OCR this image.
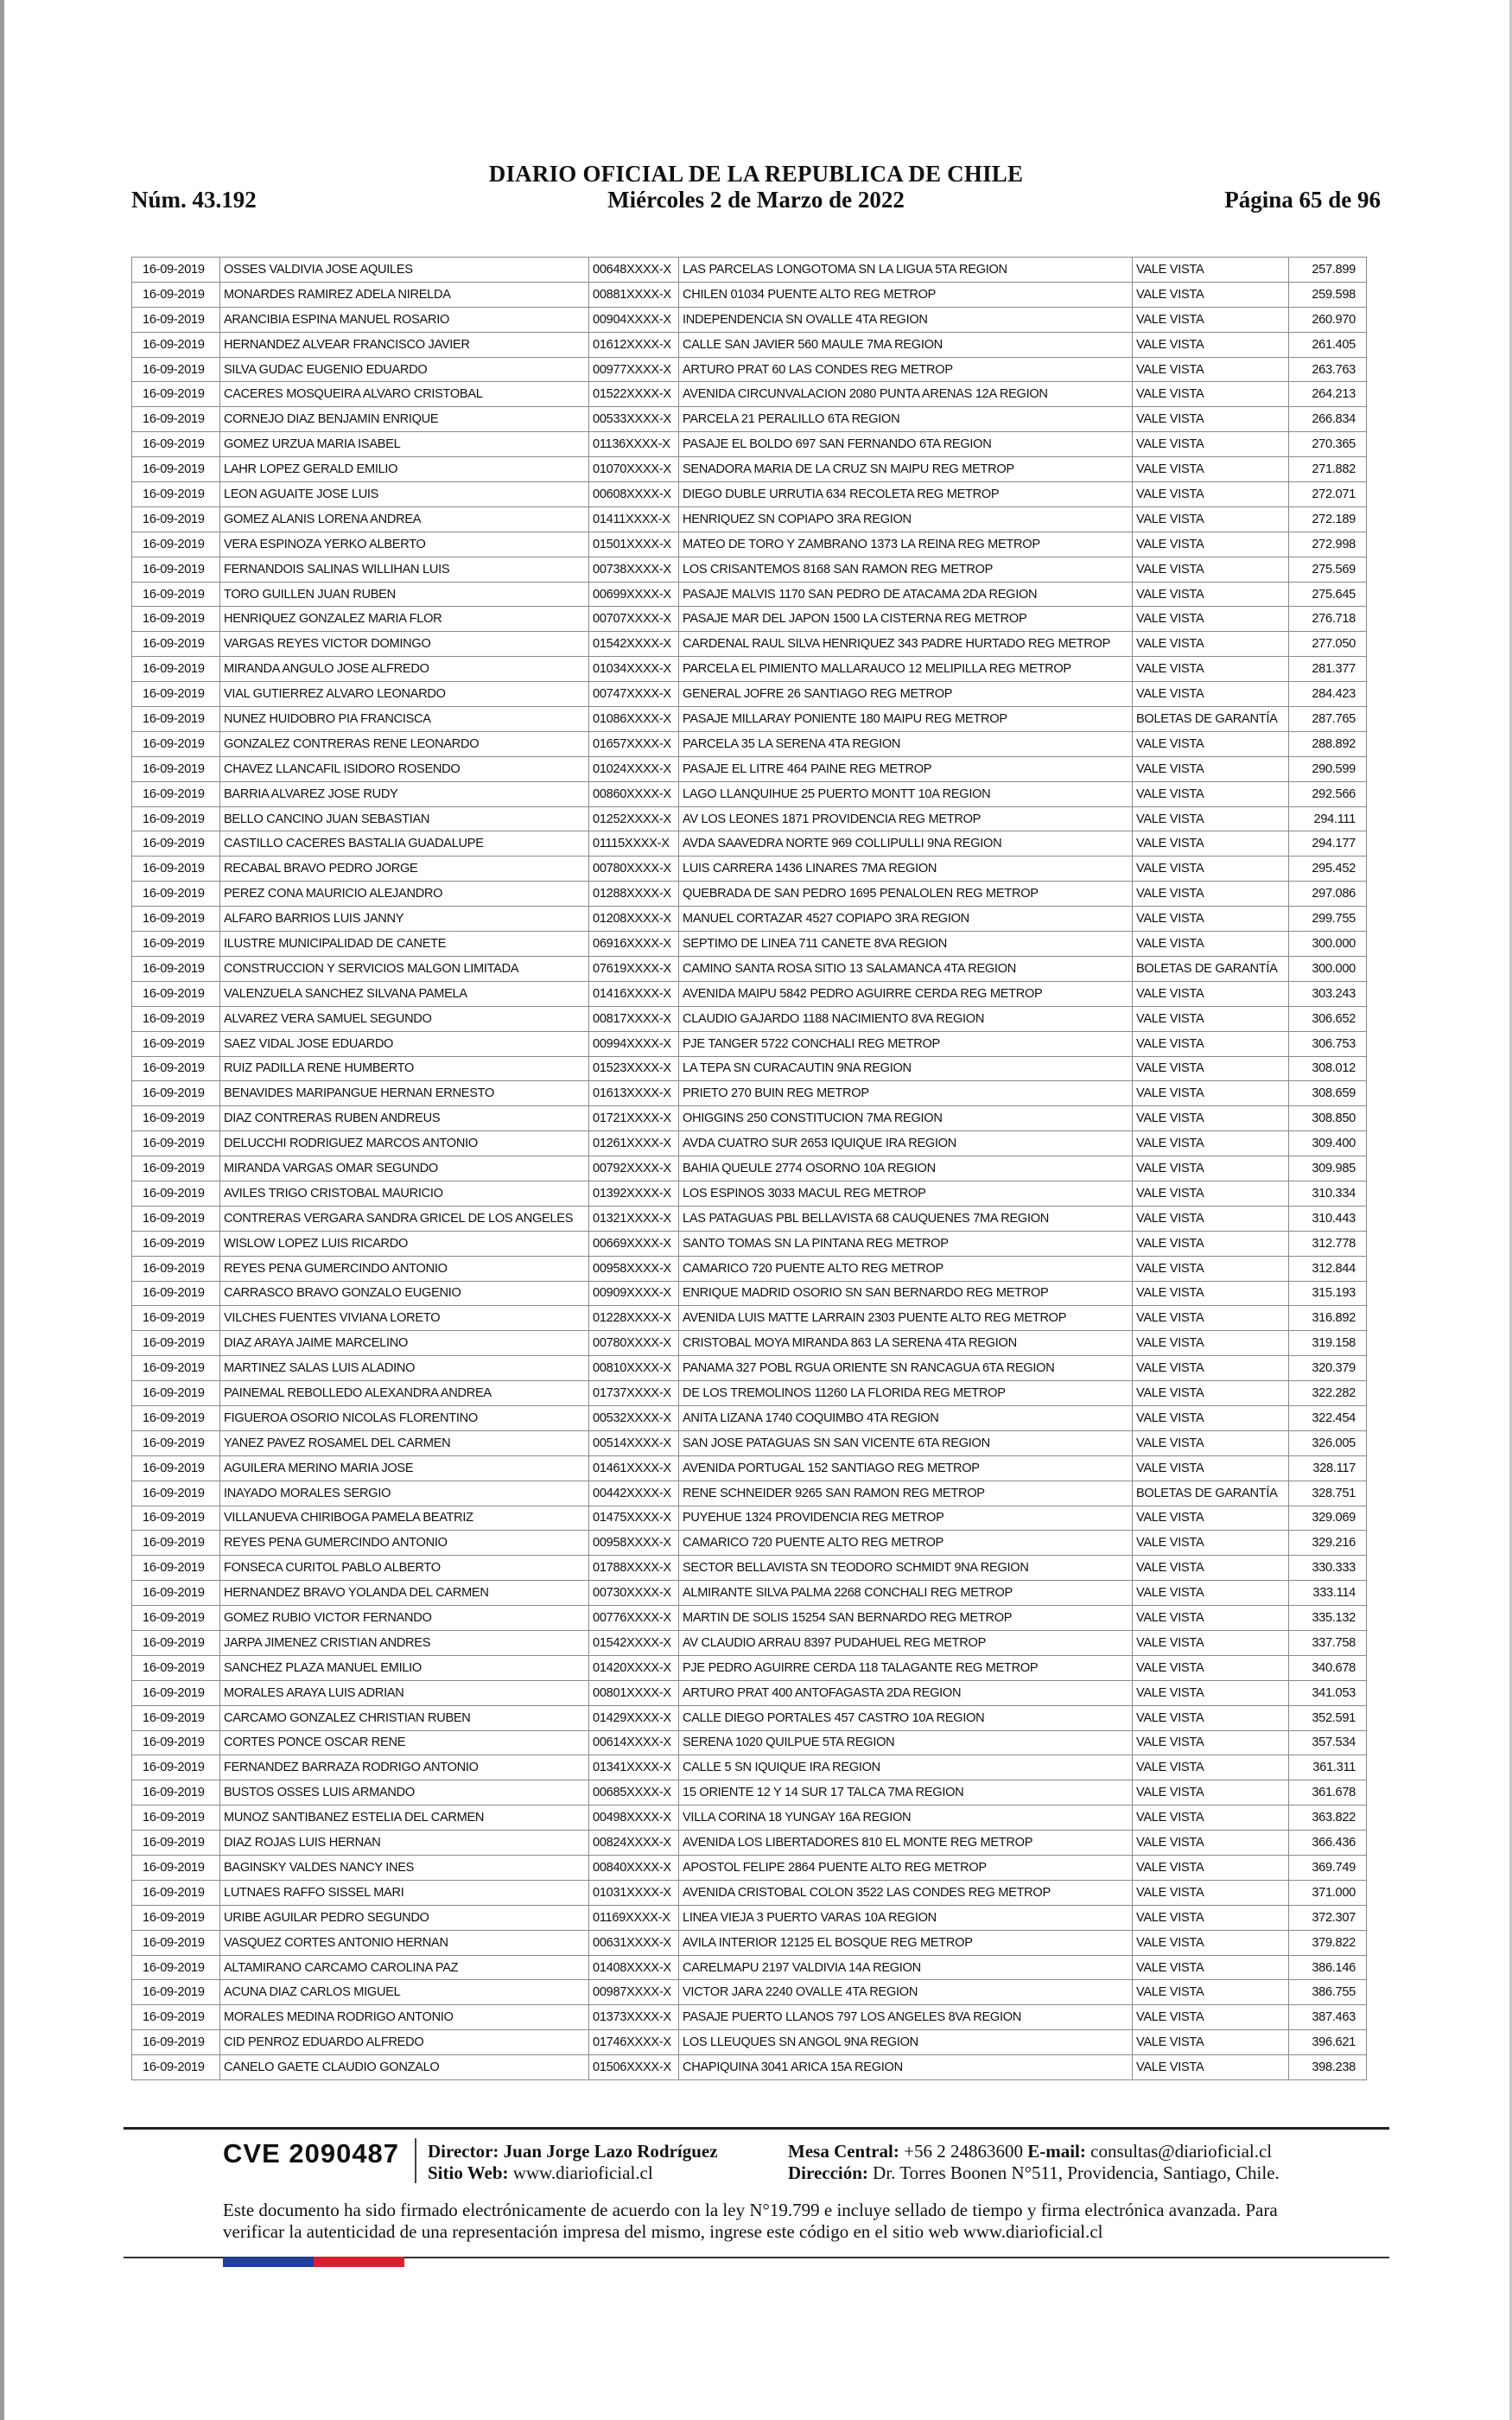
DIARIO OFICIAL DE LA REPUBLICA DE CHILE
Miércoles 2 de Marzo de 2022
Núm. 43.192	Página 65 de 96
16-09-2019	OSSES VALDIVIA JOSE AQUILES	00648XXXX-X	LAS PARCELAS LONGOTOMA SN LA LIGUA 5TA REGION	VALE VISTA	257.899
16-09-2019	MONARDES RAMIREZ ADELA NIRELDA	00881XXXX-X	CHILEN 01034 PUENTE ALTO REG METROP	VALE VISTA	259.598
16-09-2019	ARANCIBIA ESPINA MANUEL ROSARIO	00904XXXX-X	INDEPENDENCIA SN OVALLE 4TA REGION	VALE VISTA	260.970
16-09-2019	HERNANDEZ ALVEAR FRANCISCO JAVIER	01612XXXX-X	CALLE SAN JAVIER 560 MAULE 7MA REGION	VALE VISTA	261.405
16-09-2019	SILVA GUDAC EUGENIO EDUARDO	00977XXXX-X	ARTURO PRAT 60 LAS CONDES REG METROP	VALE VISTA	263.763
16-09-2019	CACERES MOSQUEIRA ALVARO CRISTOBAL	01522XXXX-X	AVENIDA CIRCUNVALACION 2080 PUNTA ARENAS 12A REGION	VALE VISTA	264.213
16-09-2019	CORNEJO DIAZ BENJAMIN ENRIQUE	00533XXXX-X	PARCELA 21 PERALILLO 6TA REGION	VALE VISTA	266.834
16-09-2019	GOMEZ URZUA MARIA ISABEL	01136XXXX-X	PASAJE EL BOLDO 697 SAN FERNANDO 6TA REGION	VALE VISTA	270.365
16-09-2019	LAHR LOPEZ GERALD EMILIO	01070XXXX-X	SENADORA MARIA DE LA CRUZ SN MAIPU REG METROP	VALE VISTA	271.882
16-09-2019	LEON AGUAITE JOSE LUIS	00608XXXX-X	DIEGO DUBLE URRUTIA 634 RECOLETA REG METROP	VALE VISTA	272.071
16-09-2019	GOMEZ ALANIS LORENA ANDREA	01411XXXX-X	HENRIQUEZ SN COPIAPO 3RA REGION	VALE VISTA	272.189
16-09-2019	VERA ESPINOZA YERKO ALBERTO	01501XXXX-X	MATEO DE TORO Y ZAMBRANO 1373 LA REINA REG METROP	VALE VISTA	272.998
16-09-2019	FERNANDOIS SALINAS WILLIHAN LUIS	00738XXXX-X	LOS CRISANTEMOS 8168 SAN RAMON REG METROP	VALE VISTA	275.569
16-09-2019	TORO GUILLEN JUAN RUBEN	00699XXXX-X	PASAJE MALVIS 1170 SAN PEDRO DE ATACAMA 2DA REGION	VALE VISTA	275.645
16-09-2019	HENRIQUEZ GONZALEZ MARIA FLOR	00707XXXX-X	PASAJE MAR DEL JAPON 1500 LA CISTERNA REG METROP	VALE VISTA	276.718
16-09-2019	VARGAS REYES VICTOR DOMINGO	01542XXXX-X	CARDENAL RAUL SILVA HENRIQUEZ 343 PADRE HURTADO REG METROP	VALE VISTA	277.050
16-09-2019	MIRANDA ANGULO JOSE ALFREDO	01034XXXX-X	PARCELA EL PIMIENTO MALLARAUCO 12 MELIPILLA REG METROP	VALE VISTA	281.377
16-09-2019	VIAL GUTIERREZ ALVARO LEONARDO	00747XXXX-X	GENERAL JOFRE 26 SANTIAGO REG METROP	VALE VISTA	284.423
16-09-2019	NUNEZ HUIDOBRO PIA FRANCISCA	01086XXXX-X	PASAJE MILLARAY PONIENTE 180 MAIPU REG METROP	BOLETAS DE GARANTÍA	287.765
16-09-2019	GONZALEZ CONTRERAS RENE LEONARDO	01657XXXX-X	PARCELA 35 LA SERENA 4TA REGION	VALE VISTA	288.892
16-09-2019	CHAVEZ LLANCAFIL ISIDORO ROSENDO	01024XXXX-X	PASAJE EL LITRE 464 PAINE REG METROP	VALE VISTA	290.599
16-09-2019	BARRIA ALVAREZ JOSE RUDY	00860XXXX-X	LAGO LLANQUIHUE 25 PUERTO MONTT 10A REGION	VALE VISTA	292.566
16-09-2019	BELLO CANCINO JUAN SEBASTIAN	01252XXXX-X	AV LOS LEONES 1871 PROVIDENCIA REG METROP	VALE VISTA	294.111
16-09-2019	CASTILLO CACERES BASTALIA GUADALUPE	01115XXXX-X	AVDA SAAVEDRA NORTE 969 COLLIPULLI 9NA REGION	VALE VISTA	294.177
16-09-2019	RECABAL BRAVO PEDRO JORGE	00780XXXX-X	LUIS CARRERA 1436 LINARES 7MA REGION	VALE VISTA	295.452
16-09-2019	PEREZ CONA MAURICIO ALEJANDRO	01288XXXX-X	QUEBRADA DE SAN PEDRO 1695 PENALOLEN REG METROP	VALE VISTA	297.086
16-09-2019	ALFARO BARRIOS LUIS JANNY	01208XXXX-X	MANUEL CORTAZAR 4527 COPIAPO 3RA REGION	VALE VISTA	299.755
16-09-2019	ILUSTRE MUNICIPALIDAD DE CANETE	06916XXXX-X	SEPTIMO DE LINEA 711 CANETE 8VA REGION	VALE VISTA	300.000
16-09-2019	CONSTRUCCION Y SERVICIOS MALGON LIMITADA	07619XXXX-X	CAMINO SANTA ROSA SITIO 13 SALAMANCA 4TA REGION	BOLETAS DE GARANTÍA	300.000
16-09-2019	VALENZUELA SANCHEZ SILVANA PAMELA	01416XXXX-X	AVENIDA MAIPU 5842 PEDRO AGUIRRE CERDA REG METROP	VALE VISTA	303.243
16-09-2019	ALVAREZ VERA SAMUEL SEGUNDO	00817XXXX-X	CLAUDIO GAJARDO 1188 NACIMIENTO 8VA REGION	VALE VISTA	306.652
16-09-2019	SAEZ VIDAL JOSE EDUARDO	00994XXXX-X	PJE TANGER 5722 CONCHALI REG METROP	VALE VISTA	306.753
16-09-2019	RUIZ PADILLA RENE HUMBERTO	01523XXXX-X	LA TEPA SN CURACAUTIN 9NA REGION	VALE VISTA	308.012
16-09-2019	BENAVIDES MARIPANGUE HERNAN ERNESTO	01613XXXX-X	PRIETO 270 BUIN REG METROP	VALE VISTA	308.659
16-09-2019	DIAZ CONTRERAS RUBEN ANDREUS	01721XXXX-X	OHIGGINS 250 CONSTITUCION 7MA REGION	VALE VISTA	308.850
16-09-2019	DELUCCHI RODRIGUEZ MARCOS ANTONIO	01261XXXX-X	AVDA CUATRO SUR 2653 IQUIQUE IRA REGION	VALE VISTA	309.400
16-09-2019	MIRANDA VARGAS OMAR SEGUNDO	00792XXXX-X	BAHIA QUEULE 2774 OSORNO 10A REGION	VALE VISTA	309.985
16-09-2019	AVILES TRIGO CRISTOBAL MAURICIO	01392XXXX-X	LOS ESPINOS 3033 MACUL REG METROP	VALE VISTA	310.334
16-09-2019	CONTRERAS VERGARA SANDRA GRICEL DE LOS ANGELES	01321XXXX-X	LAS PATAGUAS PBL BELLAVISTA 68 CAUQUENES 7MA REGION	VALE VISTA	310.443
16-09-2019	WISLOW LOPEZ LUIS RICARDO	00669XXXX-X	SANTO TOMAS SN LA PINTANA REG METROP	VALE VISTA	312.778
16-09-2019	REYES PENA GUMERCINDO ANTONIO	00958XXXX-X	CAMARICO 720 PUENTE ALTO REG METROP	VALE VISTA	312.844
16-09-2019	CARRASCO BRAVO GONZALO EUGENIO	00909XXXX-X	ENRIQUE MADRID OSORIO SN SAN BERNARDO REG METROP	VALE VISTA	315.193
16-09-2019	VILCHES FUENTES VIVIANA LORETO	01228XXXX-X	AVENIDA LUIS MATTE LARRAIN 2303 PUENTE ALTO REG METROP	VALE VISTA	316.892
16-09-2019	DIAZ ARAYA JAIME MARCELINO	00780XXXX-X	CRISTOBAL MOYA MIRANDA 863 LA SERENA 4TA REGION	VALE VISTA	319.158
16-09-2019	MARTINEZ SALAS LUIS ALADINO	00810XXXX-X	PANAMA 327 POBL RGUA ORIENTE SN RANCAGUA 6TA REGION	VALE VISTA	320.379
16-09-2019	PAINEMAL REBOLLEDO ALEXANDRA ANDREA	01737XXXX-X	DE LOS TREMOLINOS 11260 LA FLORIDA REG METROP	VALE VISTA	322.282
16-09-2019	FIGUEROA OSORIO NICOLAS FLORENTINO	00532XXXX-X	ANITA LIZANA 1740 COQUIMBO 4TA REGION	VALE VISTA	322.454
16-09-2019	YANEZ PAVEZ ROSAMEL DEL CARMEN	00514XXXX-X	SAN JOSE PATAGUAS SN SAN VICENTE 6TA REGION	VALE VISTA	326.005
16-09-2019	AGUILERA MERINO MARIA JOSE	01461XXXX-X	AVENIDA PORTUGAL 152 SANTIAGO REG METROP	VALE VISTA	328.117
16-09-2019	INAYADO MORALES SERGIO	00442XXXX-X	RENE SCHNEIDER 9265 SAN RAMON REG METROP	BOLETAS DE GARANTÍA	328.751
16-09-2019	VILLANUEVA CHIRIBOGA PAMELA BEATRIZ	01475XXXX-X	PUYEHUE 1324 PROVIDENCIA REG METROP	VALE VISTA	329.069
16-09-2019	REYES PENA GUMERCINDO ANTONIO	00958XXXX-X	CAMARICO 720 PUENTE ALTO REG METROP	VALE VISTA	329.216
16-09-2019	FONSECA CURITOL PABLO ALBERTO	01788XXXX-X	SECTOR BELLAVISTA SN TEODORO SCHMIDT 9NA REGION	VALE VISTA	330.333
16-09-2019	HERNANDEZ BRAVO YOLANDA DEL CARMEN	00730XXXX-X	ALMIRANTE SILVA PALMA 2268 CONCHALI REG METROP	VALE VISTA	333.114
16-09-2019	GOMEZ RUBIO VICTOR FERNANDO	00776XXXX-X	MARTIN DE SOLIS 15254 SAN BERNARDO REG METROP	VALE VISTA	335.132
16-09-2019	JARPA JIMENEZ CRISTIAN ANDRES	01542XXXX-X	AV CLAUDIO ARRAU 8397 PUDAHUEL REG METROP	VALE VISTA	337.758
16-09-2019	SANCHEZ PLAZA MANUEL EMILIO	01420XXXX-X	PJE PEDRO AGUIRRE CERDA 118 TALAGANTE REG METROP	VALE VISTA	340.678
16-09-2019	MORALES ARAYA LUIS ADRIAN	00801XXXX-X	ARTURO PRAT 400 ANTOFAGASTA 2DA REGION	VALE VISTA	341.053
16-09-2019	CARCAMO GONZALEZ CHRISTIAN RUBEN	01429XXXX-X	CALLE DIEGO PORTALES 457 CASTRO 10A REGION	VALE VISTA	352.591
16-09-2019	CORTES PONCE OSCAR RENE	00614XXXX-X	SERENA 1020 QUILPUE 5TA REGION	VALE VISTA	357.534
16-09-2019	FERNANDEZ BARRAZA RODRIGO ANTONIO	01341XXXX-X	CALLE 5 SN IQUIQUE IRA REGION	VALE VISTA	361.311
16-09-2019	BUSTOS OSSES LUIS ARMANDO	00685XXXX-X	15 ORIENTE 12 Y 14 SUR 17 TALCA 7MA REGION	VALE VISTA	361.678
16-09-2019	MUNOZ SANTIBANEZ ESTELIA DEL CARMEN	00498XXXX-X	VILLA CORINA 18 YUNGAY 16A REGION	VALE VISTA	363.822
16-09-2019	DIAZ ROJAS LUIS HERNAN	00824XXXX-X	AVENIDA LOS LIBERTADORES 810 EL MONTE REG METROP	VALE VISTA	366.436
16-09-2019	BAGINSKY VALDES NANCY INES	00840XXXX-X	APOSTOL FELIPE 2864 PUENTE ALTO REG METROP	VALE VISTA	369.749
16-09-2019	LUTNAES RAFFO SISSEL MARI	01031XXXX-X	AVENIDA CRISTOBAL COLON 3522 LAS CONDES REG METROP	VALE VISTA	371.000
16-09-2019	URIBE AGUILAR PEDRO SEGUNDO	01169XXXX-X	LINEA VIEJA 3 PUERTO VARAS 10A REGION	VALE VISTA	372.307
16-09-2019	VASQUEZ CORTES ANTONIO HERNAN	00631XXXX-X	AVILA INTERIOR 12125 EL BOSQUE REG METROP	VALE VISTA	379.822
16-09-2019	ALTAMIRANO CARCAMO CAROLINA PAZ	01408XXXX-X	CARELMAPU 2197 VALDIVIA 14A REGION	VALE VISTA	386.146
16-09-2019	ACUNA DIAZ CARLOS MIGUEL	00987XXXX-X	VICTOR JARA 2240 OVALLE 4TA REGION	VALE VISTA	386.755
16-09-2019	MORALES MEDINA RODRIGO ANTONIO	01373XXXX-X	PASAJE PUERTO LLANOS 797 LOS ANGELES 8VA REGION	VALE VISTA	387.463
16-09-2019	CID PENROZ EDUARDO ALFREDO	01746XXXX-X	LOS LLEUQUES SN ANGOL 9NA REGION	VALE VISTA	396.621
16-09-2019	CANELO GAETE CLAUDIO GONZALO	01506XXXX-X	CHAPIQUINA 3041 ARICA 15A REGION	VALE VISTA	398.238
CVE 2090487 Director: Juan Jorge Lazo Rodríguez
Sitio Web: www.diarioficial.cl
Mesa Central: +56 2 24863600 E-mail: consultas@diarioficial.cl
Dirección: Dr. Torres Boonen N°511, Providencia, Santiago, Chile.
Este documento ha sido firmado electrónicamente de acuerdo con la ley N°19.799 e incluye sellado de tiempo y firma electrónica avanzada. Para verificar la autenticidad de una representación impresa del mismo, ingrese este código en el sitio web www.diarioficial.cl
